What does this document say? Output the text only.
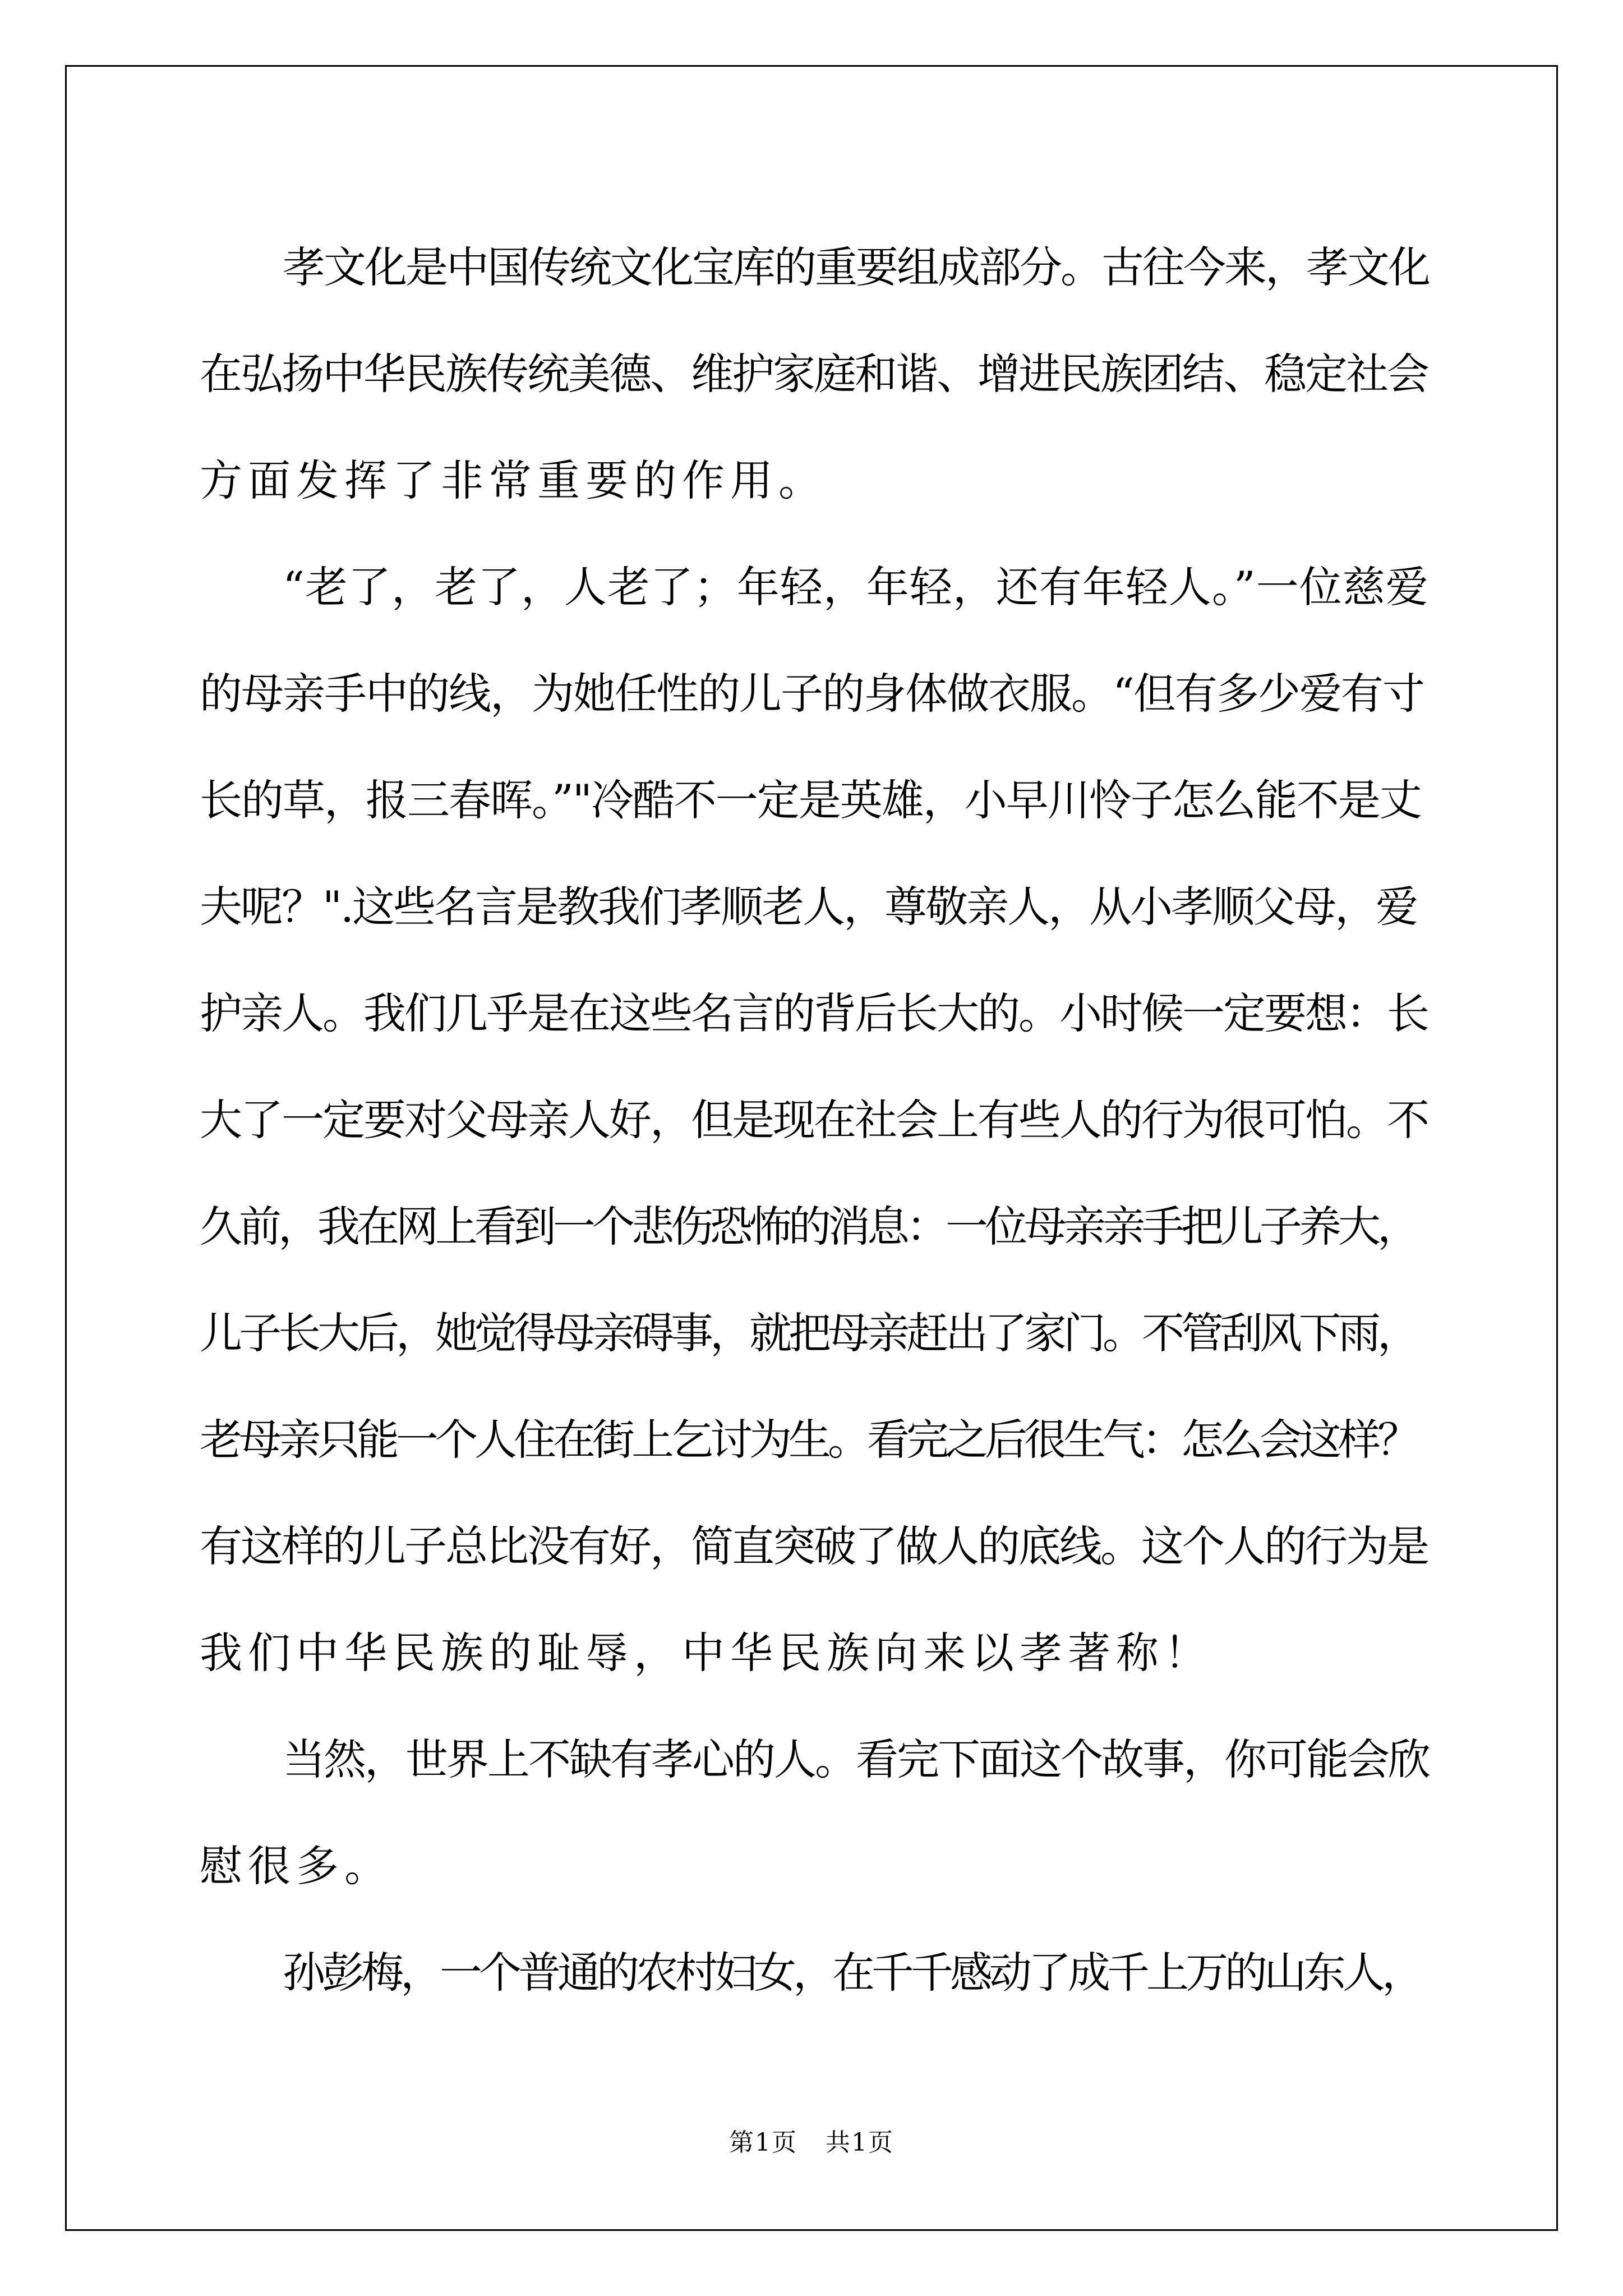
孝文化是中国传统文化宝库的重要组成部分。古往今来，孝文化
在弘扬中华民族传统美德、维护家庭和谐、增进民族团结、稳定社会
方面发挥了非常重要的作用。
“老了，老了，人老了；年轻，年轻，还有年轻人。”一位慈爱
的母亲手中的线，为她任性的儿子的身体做衣服。“但有多少爱有寸
长的草，报三春晖。”"冷酷不一定是英雄，小早川怜子怎么能不是丈
夫呢？".这些名言是教我们孝顺老人，尊敬亲人，从小孝顺父母，爱
护亲人。我们几乎是在这些名言的背后长大的。小时候一定要想：长
大了一定要对父母亲人好，但是现在社会上有些人的行为很可怕。不
久前，我在网上看到一个悲伤恐怖的消息：一位母亲亲手把儿子养大，
儿子长大后，她觉得母亲碍事，就把母亲赶出了家门。不管刮风下雨，
老母亲只能一个人住在街上乞讨为生。看完之后很生气：怎么会这样？
有这样的儿子总比没有好，简直突破了做人的底线。这个人的行为是
我们中华民族的耻辱，中华民族向来以孝著称！
当然，世界上不缺有孝心的人。看完下面这个故事，你可能会欣
慰很多。
孙彭梅，一个普通的农村妇女，在千千感动了成千上万的山东人，
第1页 共1页
